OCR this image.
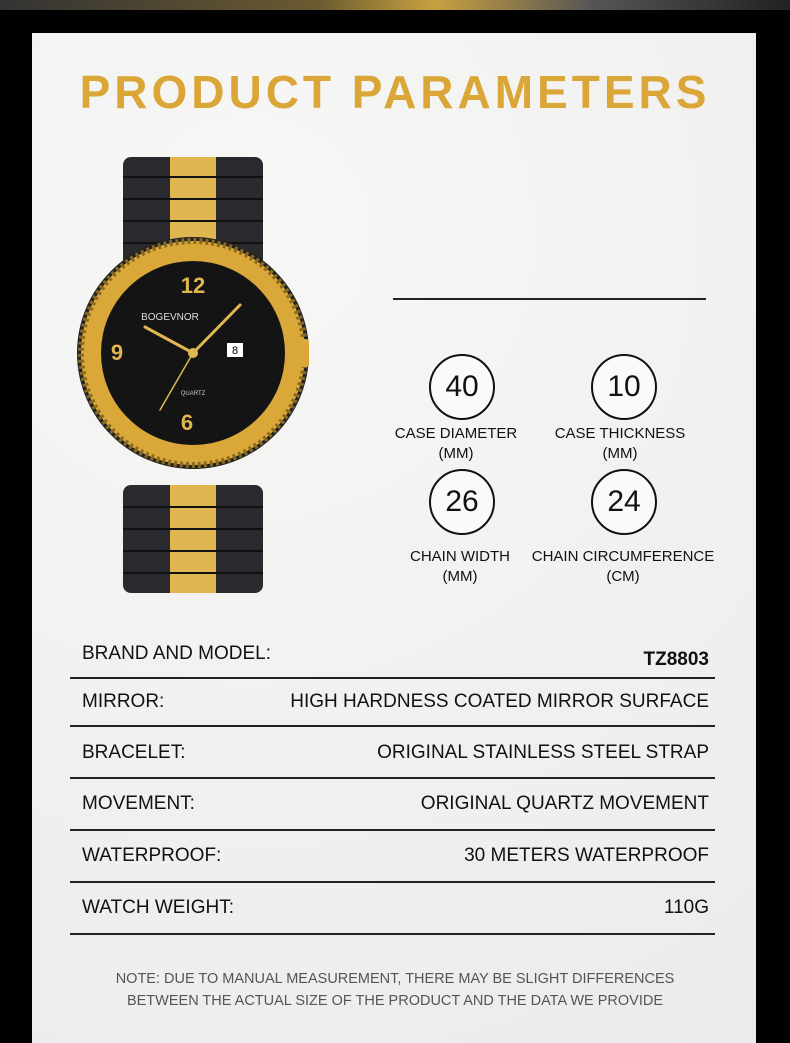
PRODUCT PARAMETERS
12
9
6
BOGEVNOR
QUARTZ
8
40
CASE DIAMETER
(MM)
10
CASE THICKNESS
(MM)
26
CHAIN WIDTH
(MM)
24
CHAIN CIRCUMFERENCE
(CM)
BRAND AND MODEL:	TZ8803
MIRROR:	HIGH HARDNESS COATED MIRROR SURFACE
BRACELET:	ORIGINAL STAINLESS STEEL STRAP
MOVEMENT:	ORIGINAL QUARTZ MOVEMENT
WATERPROOF:	30 METERS WATERPROOF
WATCH WEIGHT:	110G
NOTE: DUE TO MANUAL MEASUREMENT, THERE MAY BE SLIGHT DIFFERENCES
BETWEEN THE ACTUAL SIZE OF THE PRODUCT AND THE DATA WE PROVIDE
